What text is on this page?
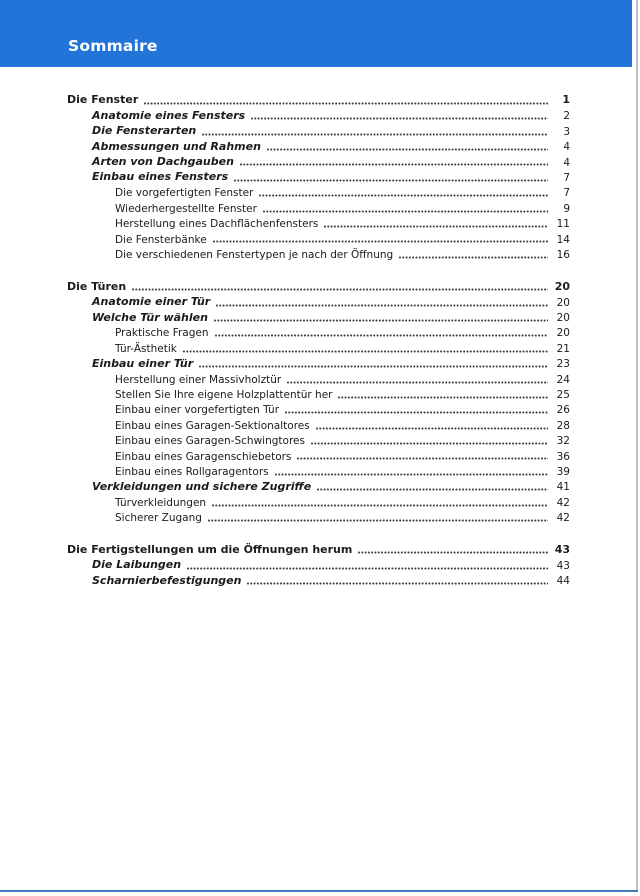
Sommaire
Die Fenster	1
Anatomie eines Fensters	2
Die Fensterarten	3
Abmessungen und Rahmen	4
Arten von Dachgauben	4
Einbau eines Fensters	7
Die vorgefertigten Fenster	7
Wiederhergestellte Fenster	9
Herstellung eines Dachflächenfensters	11
Die Fensterbänke	14
Die verschiedenen Fenstertypen je nach der Öffnung	16
Die Türen	20
Anatomie einer Tür	20
Welche Tür wählen	20
Praktische Fragen	20
Tür-Ästhetik	21
Einbau einer Tür	23
Herstellung einer Massivholztür	24
Stellen Sie Ihre eigene Holzplattentür her	25
Einbau einer vorgefertigten Tür	26
Einbau eines Garagen-Sektionaltores	28
Einbau eines Garagen-Schwingtores	32
Einbau eines Garagenschiebetors	36
Einbau eines Rollgaragentors	39
Verkleidungen und sichere Zugriffe	41
Türverkleidungen	42
Sicherer Zugang	42
Die Fertigstellungen um die Öffnungen herum	43
Die Laibungen	43
Scharnierbefestigungen	44
